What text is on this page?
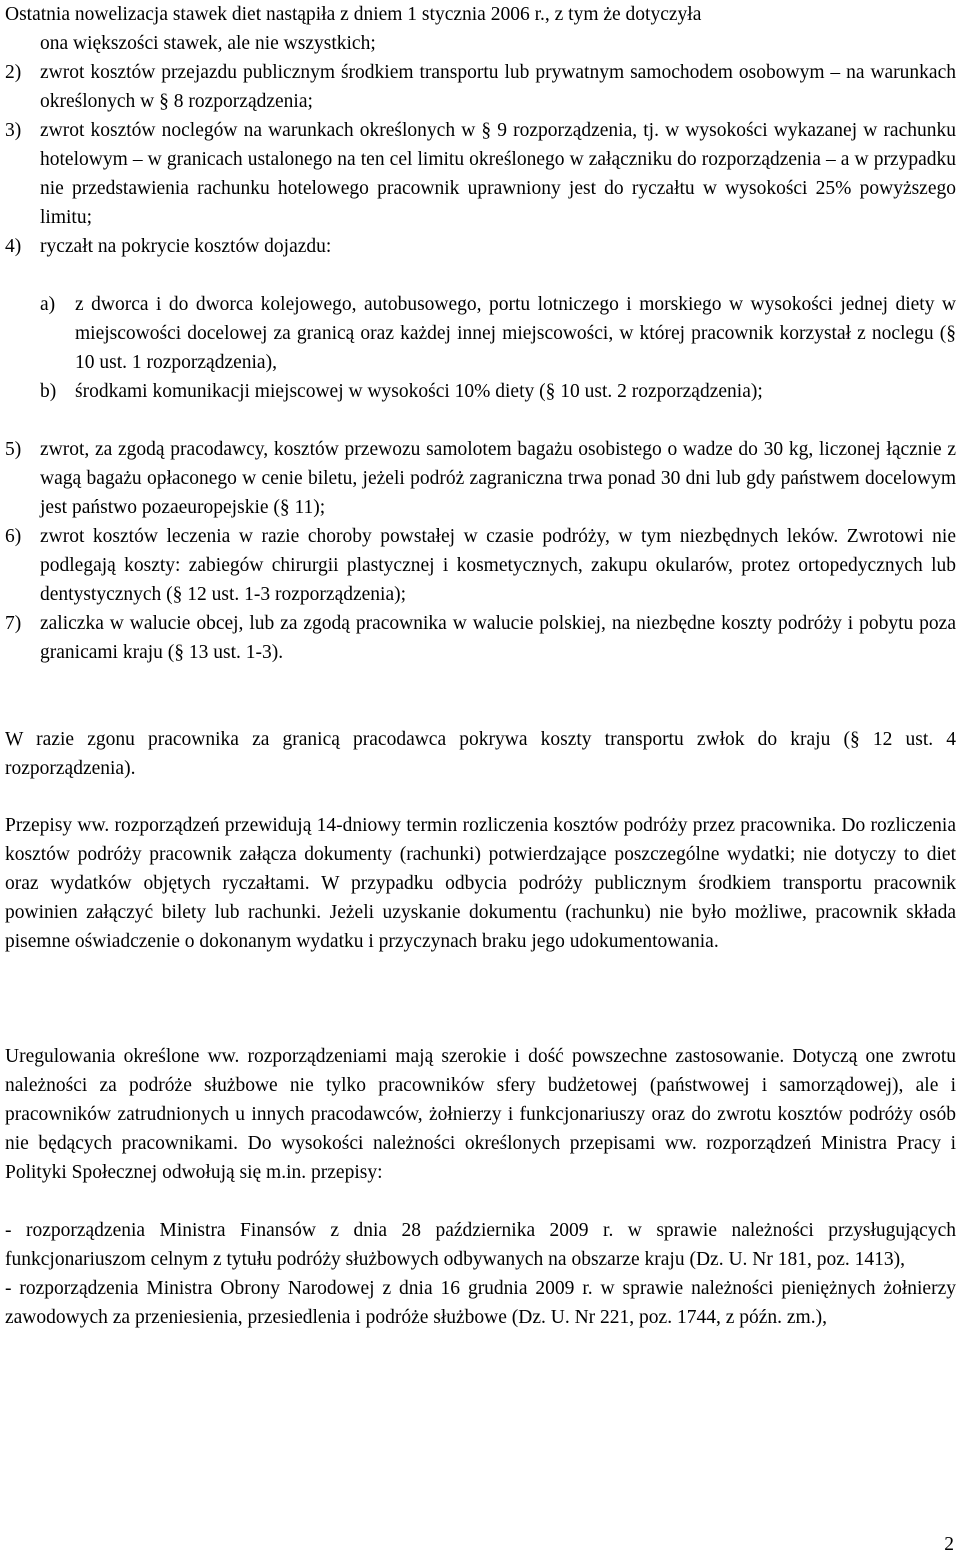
Ostatnia nowelizacja stawek diet nastąpiła z dniem 1 stycznia 2006 r., z tym że dotyczyła
ona większości stawek, ale nie wszystkich;
2) zwrot kosztów przejazdu publicznym środkiem transportu lub prywatnym samochodem osobowym – na warunkach określonych w § 8 rozporządzenia;
3) zwrot kosztów noclegów na warunkach określonych w § 9 rozporządzenia, tj. w wysokości wykazanej w rachunku hotelowym – w granicach ustalonego na ten cel limitu określonego w załączniku do rozporządzenia – a w przypadku nie przedstawienia rachunku hotelowego pracownik uprawniony jest do ryczałtu w wysokości 25% powyższego limitu;
4) ryczałt na pokrycie kosztów dojazdu:
a) z dworca i do dworca kolejowego, autobusowego, portu lotniczego i morskiego w wysokości jednej diety w miejscowości docelowej za granicą oraz każdej innej miejscowości, w której pracownik korzystał z noclegu (§ 10 ust. 1 rozporządzenia),
b) środkami komunikacji miejscowej w wysokości 10% diety (§ 10 ust. 2 rozporządzenia);
5) zwrot, za zgodą pracodawcy, kosztów przewozu samolotem bagażu osobistego o wadze do 30 kg, liczonej łącznie z wagą bagażu opłaconego w cenie biletu, jeżeli podróż zagraniczna trwa ponad 30 dni lub gdy państwem docelowym jest państwo pozaeuropejskie (§ 11);
6) zwrot kosztów leczenia w razie choroby powstałej w czasie podróży, w tym niezbędnych leków. Zwrotowi nie podlegają koszty: zabiegów chirurgii plastycznej i kosmetycznych, zakupu okularów, protez ortopedycznych lub dentystycznych (§ 12 ust. 1-3 rozporządzenia);
7) zaliczka w walucie obcej, lub za zgodą pracownika w walucie polskiej, na niezbędne koszty podróży i pobytu poza granicami kraju (§ 13 ust. 1-3).
W razie zgonu pracownika za granicą pracodawca pokrywa koszty transportu zwłok do kraju (§ 12 ust. 4 rozporządzenia).
Przepisy ww. rozporządzeń przewidują 14-dniowy termin rozliczenia kosztów podróży przez pracownika. Do rozliczenia kosztów podróży pracownik załącza dokumenty (rachunki) potwierdzające poszczególne wydatki; nie dotyczy to diet oraz wydatków objętych ryczałtami. W przypadku odbycia podróży publicznym środkiem transportu pracownik powinien załączyć bilety lub rachunki. Jeżeli uzyskanie dokumentu (rachunku) nie było możliwe, pracownik składa pisemne oświadczenie o dokonanym wydatku i przyczynach braku jego udokumentowania.
Uregulowania określone ww. rozporządzeniami mają szerokie i dość powszechne zastosowanie. Dotyczą one zwrotu należności za podróże służbowe nie tylko pracowników sfery budżetowej (państwowej i samorządowej), ale i pracowników zatrudnionych u innych pracodawców, żołnierzy i funkcjonariuszy oraz do zwrotu kosztów podróży osób nie będących pracownikami. Do wysokości należności określonych przepisami ww. rozporządzeń Ministra Pracy i Polityki Społecznej odwołują się m.in. przepisy:
- rozporządzenia Ministra Finansów z dnia 28 października 2009 r. w sprawie należności przysługujących funkcjonariuszom celnym z tytułu podróży służbowych odbywanych na obszarze kraju (Dz. U. Nr 181, poz. 1413),
- rozporządzenia Ministra Obrony Narodowej z dnia 16 grudnia 2009 r. w sprawie należności pieniężnych żołnierzy zawodowych za przeniesienia, przesiedlenia i podróże służbowe (Dz. U. Nr 221, poz. 1744, z późn. zm.),
2
